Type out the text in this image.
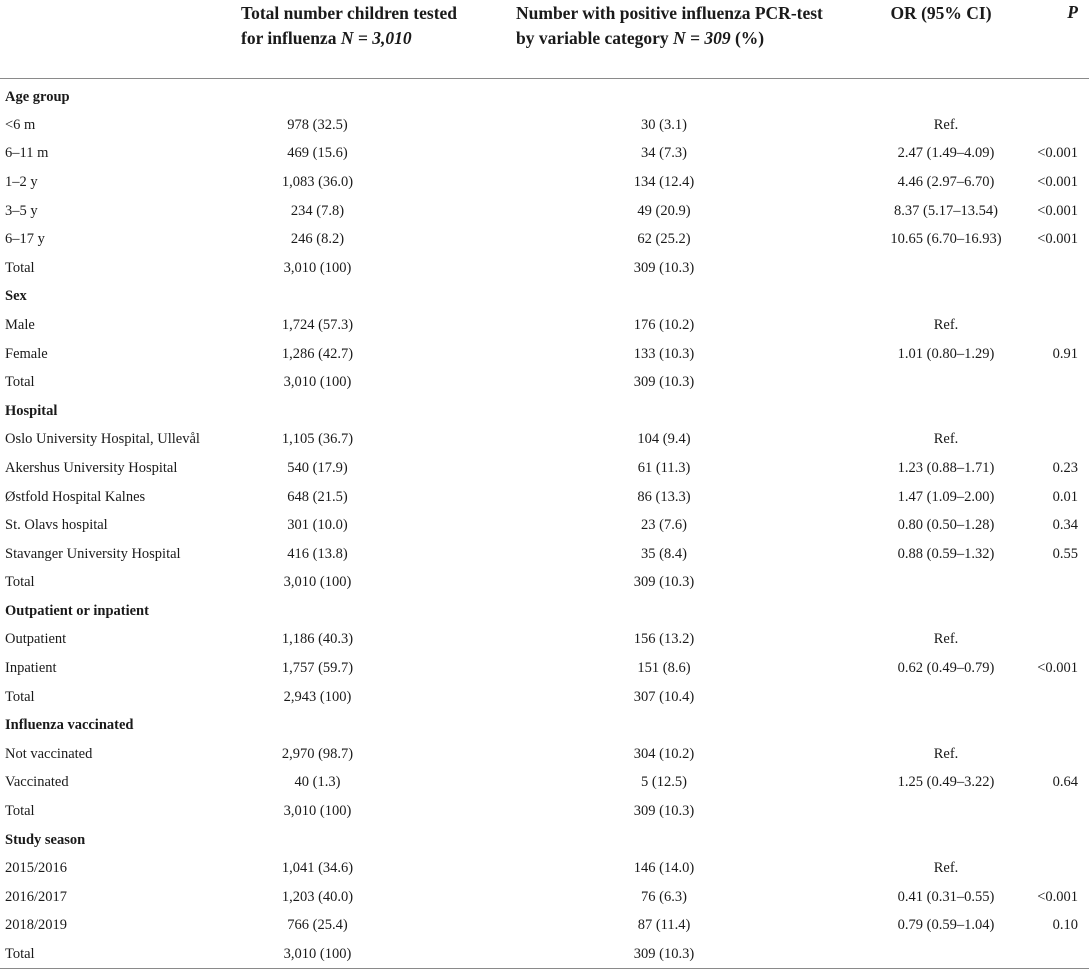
	Total number children tested
for influenza N = 3,010	Number with positive influenza PCR-test
by variable category N = 309 (%)	OR (95% CI)	P
Age group				
<6 m	978 (32.5)	30 (3.1)	Ref.	
6–11 m	469 (15.6)	34 (7.3)	2.47 (1.49–4.09)	<0.001
1–2 y	1,083 (36.0)	134 (12.4)	4.46 (2.97–6.70)	<0.001
3–5 y	234 (7.8)	49 (20.9)	8.37 (5.17–13.54)	<0.001
6–17 y	246 (8.2)	62 (25.2)	10.65 (6.70–16.93)	<0.001
Total	3,010 (100)	309 (10.3)		
Sex				
Male	1,724 (57.3)	176 (10.2)	Ref.	
Female	1,286 (42.7)	133 (10.3)	1.01 (0.80–1.29)	0.91
Total	3,010 (100)	309 (10.3)		
Hospital				
Oslo University Hospital, Ullevål	1,105 (36.7)	104 (9.4)	Ref.	
Akershus University Hospital	540 (17.9)	61 (11.3)	1.23 (0.88–1.71)	0.23
Østfold Hospital Kalnes	648 (21.5)	86 (13.3)	1.47 (1.09–2.00)	0.01
St. Olavs hospital	301 (10.0)	23 (7.6)	0.80 (0.50–1.28)	0.34
Stavanger University Hospital	416 (13.8)	35 (8.4)	0.88 (0.59–1.32)	0.55
Total	3,010 (100)	309 (10.3)		
Outpatient or inpatient				
Outpatient	1,186 (40.3)	156 (13.2)	Ref.	
Inpatient	1,757 (59.7)	151 (8.6)	0.62 (0.49–0.79)	<0.001
Total	2,943 (100)	307 (10.4)		
Influenza vaccinated				
Not vaccinated	2,970 (98.7)	304 (10.2)	Ref.	
Vaccinated	40 (1.3)	5 (12.5)	1.25 (0.49–3.22)	0.64
Total	3,010 (100)	309 (10.3)		
Study season				
2015/2016	1,041 (34.6)	146 (14.0)	Ref.	
2016/2017	1,203 (40.0)	76 (6.3)	0.41 (0.31–0.55)	<0.001
2018/2019	766 (25.4)	87 (11.4)	0.79 (0.59–1.04)	0.10
Total	3,010 (100)	309 (10.3)		
